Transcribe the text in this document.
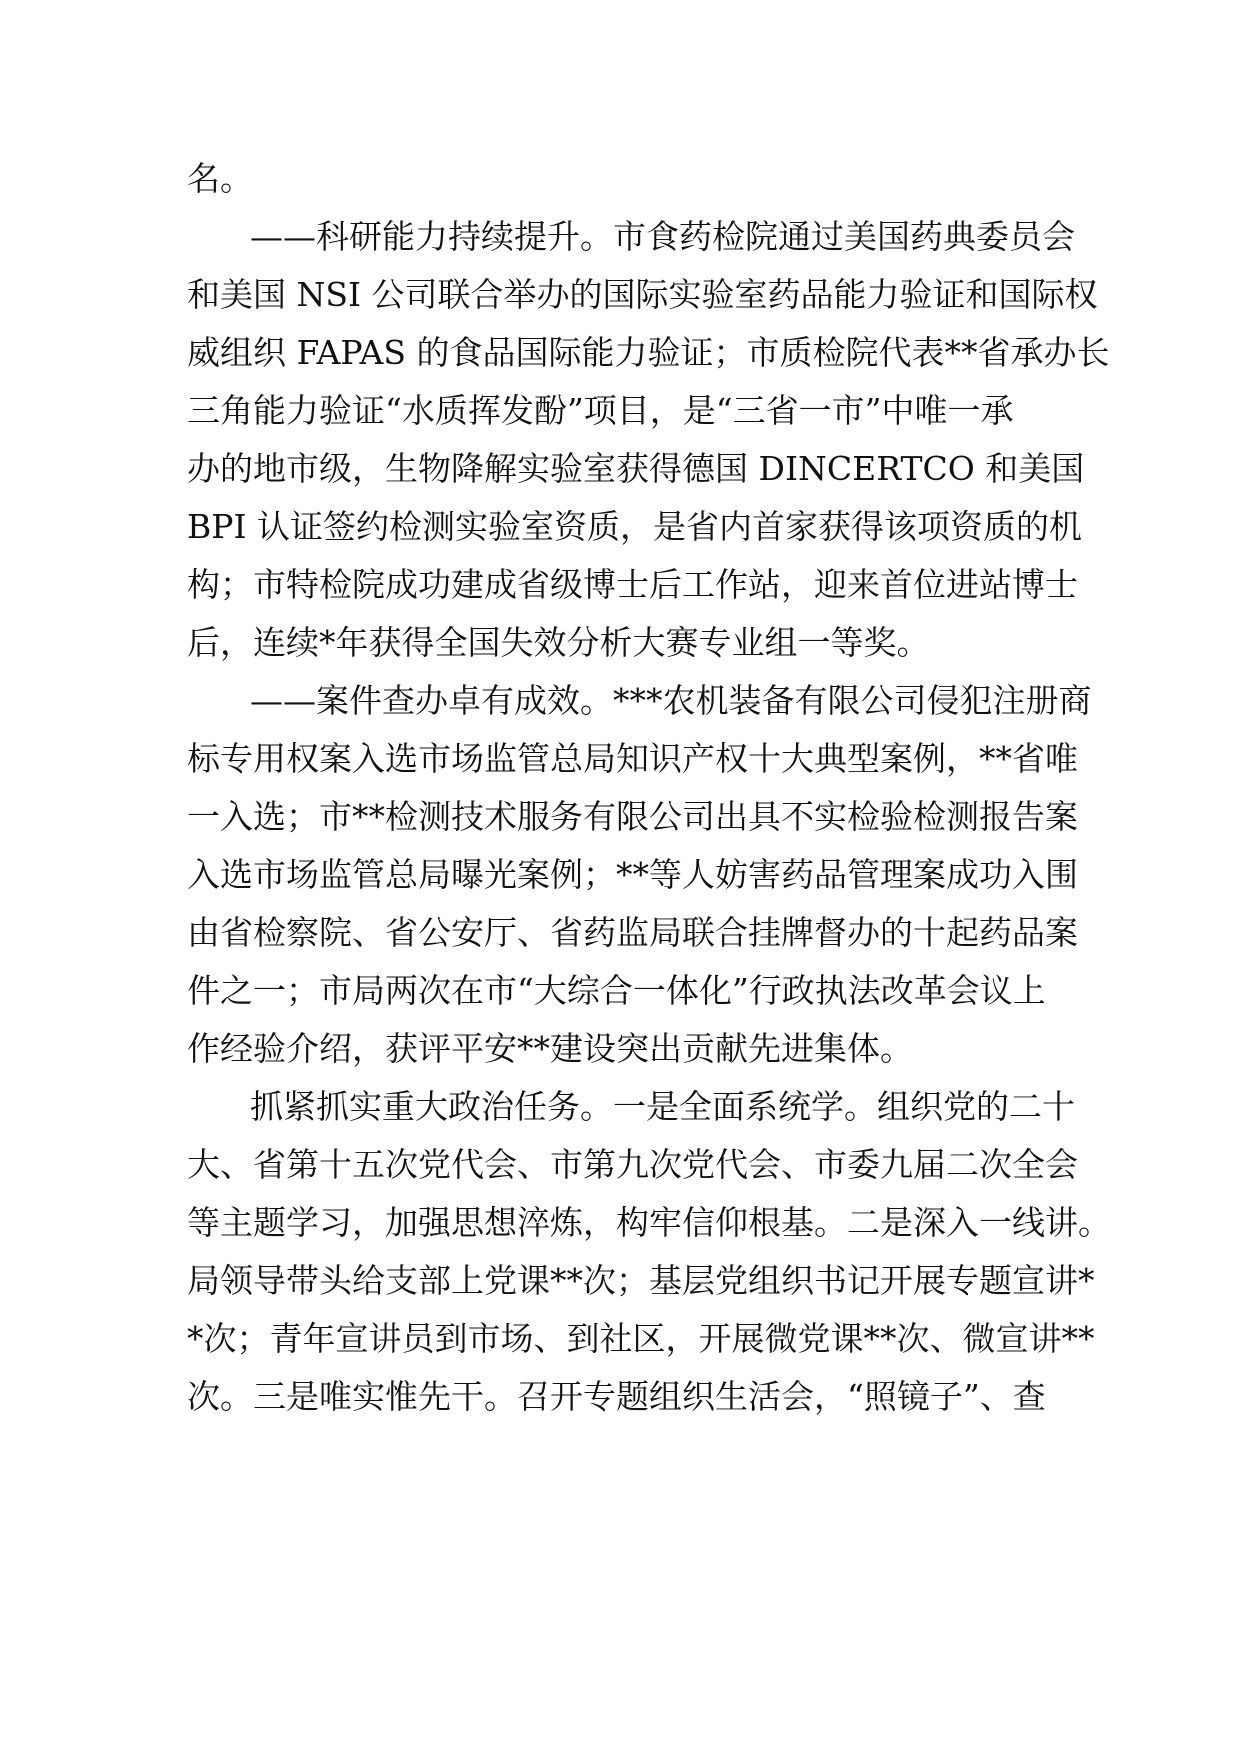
名。
——科研能力持续提升。市食药检院通过美国药典委员会
和美国 NSI 公司联合举办的国际实验室药品能力验证和国际权
威组织 FAPAS 的食品国际能力验证；市质检院代表**省承办长
三角能力验证“水质挥发酚”项目，是“三省一市”中唯一承
办的地市级，生物降解实验室获得德国 DINCERTCO 和美国
BPI 认证签约检测实验室资质，是省内首家获得该项资质的机
构；市特检院成功建成省级博士后工作站，迎来首位进站博士
后，连续*年获得全国失效分析大赛专业组一等奖。
——案件查办卓有成效。***农机装备有限公司侵犯注册商
标专用权案入选市场监管总局知识产权十大典型案例，**省唯
一入选；市**检测技术服务有限公司出具不实检验检测报告案
入选市场监管总局曝光案例；**等人妨害药品管理案成功入围
由省检察院、省公安厅、省药监局联合挂牌督办的十起药品案
件之一；市局两次在市“大综合一体化”行政执法改革会议上
作经验介绍，获评平安**建设突出贡献先进集体。
抓紧抓实重大政治任务。一是全面系统学。组织党的二十
大、省第十五次党代会、市第九次党代会、市委九届二次全会
等主题学习，加强思想淬炼，构牢信仰根基。二是深入一线讲。
局领导带头给支部上党课**次；基层党组织书记开展专题宣讲*
*次；青年宣讲员到市场、到社区，开展微党课**次、微宣讲**
次。三是唯实惟先干。召开专题组织生活会，“照镜子”、查
